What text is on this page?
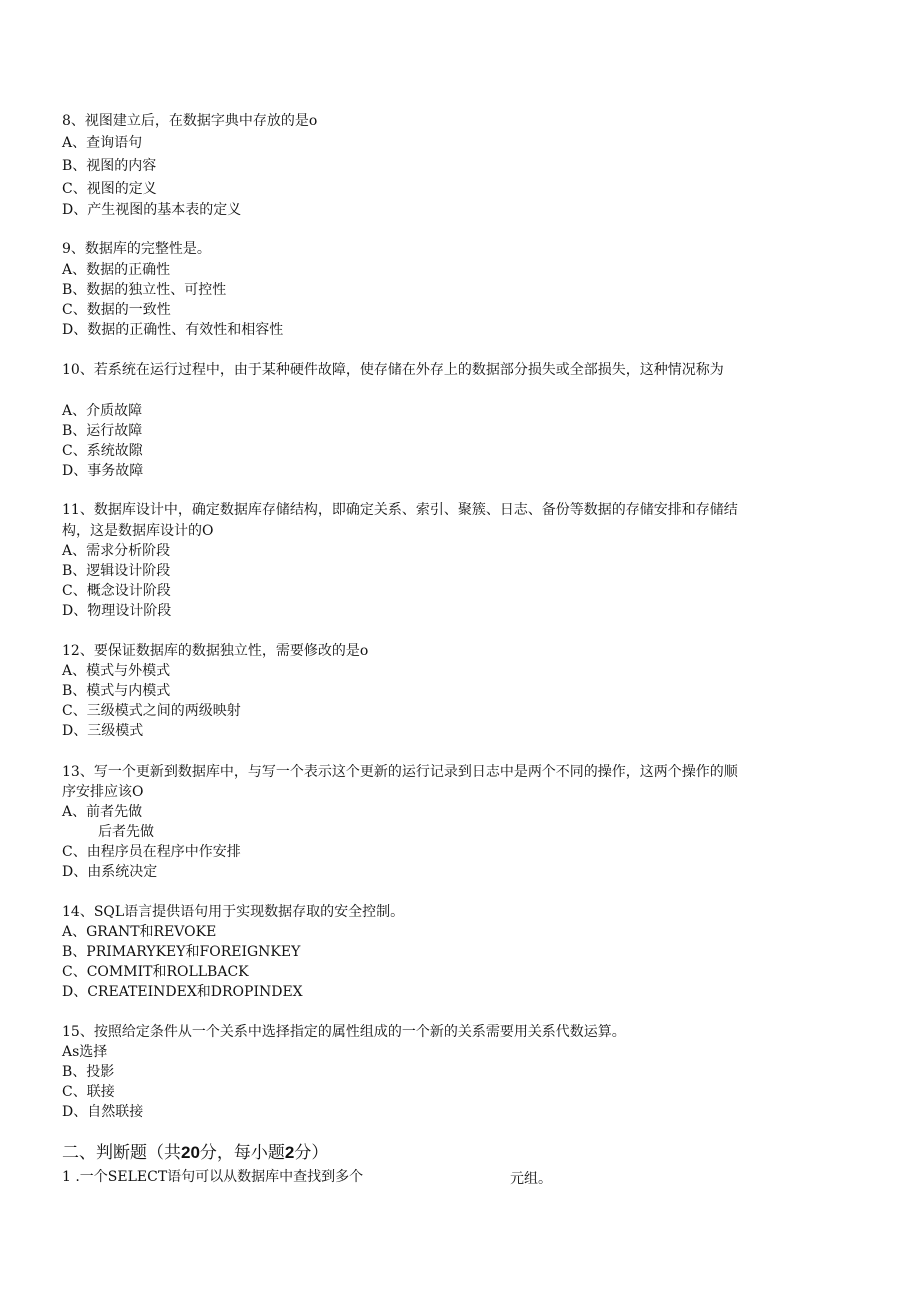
8、视图建立后，在数据字典中存放的是o
A、查询语句
B、视图的内容
C、视图的定义
D、产生视图的基本表的定义
9、数据库的完整性是。
A、数据的正确性
B、数据的独立性、可控性
C、数据的一致性
D、数据的正确性、有效性和相容性
10、若系统在运行过程中，由于某种硬件故障，使存储在外存上的数据部分损失或全部损失，这种情况称为
A、介质故障
B、运行故障
C、系统故隙
D、事务故障
11、数据库设计中，确定数据库存储结构，即确定关系、索引、聚簇、日志、备份等数据的存储安排和存储结
构，这是数据库设计的O
A、需求分析阶段
B、逻辑设计阶段
C、概念设计阶段
D、物理设计阶段
12、要保证数据库的数据独立性，需要修改的是o
A、模式与外模式
B、模式与内模式
C、三级模式之间的两级映射
D、三级模式
13、写一个更新到数据库中，与写一个表示这个更新的运行记录到日志中是两个不同的操作，这两个操作的顺
序安排应该O
A、前者先做
后者先做
C、由程序员在程序中作安排
D、由系统决定
14、SQL语言提供语句用于实现数据存取的安全控制。
A、GRANT和REVOKE
B、PRIMARYKEY和FOREIGNKEY
C、COMMIT和ROLLBACK
D、CREATEINDEX和DROPINDEX
15、按照给定条件从一个关系中选择指定的属性组成的一个新的关系需要用关系代数运算。
As选择
B、投影
C、联接
D、自然联接
二、判断题（共20分，每小题2分）
1 .一个SELECT语句可以从数据库中查找到多个	元组。
